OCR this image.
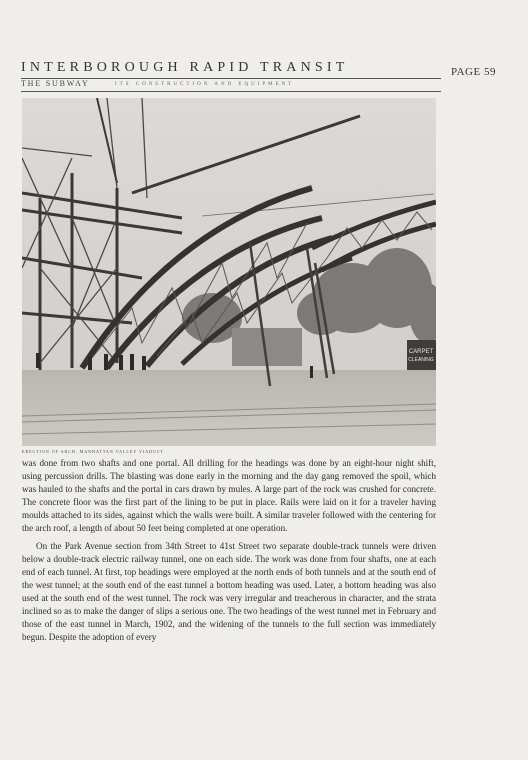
INTERBOROUGH RAPID TRANSIT	PAGE 59
THE SUBWAY	ITS CONSTRUCTION AND EQUIPMENT
CARPET
CLEANING
ERECTION OF ARCH, MANHATTAN VALLEY VIADUCT

was done from two shafts and one portal. All drilling for the headings was done by an eight-hour night shift, using percussion drills. The blasting was done early in the morning and the day gang removed the spoil, which was hauled to the shafts and the portal in cars drawn by mules. A large part of the rock was crushed for concrete. The concrete floor was the first part of the lining to be put in place. Rails were laid on it for a traveler having moulds attached to its sides, against which the walls were built. A similar traveler followed with the centering for the arch roof, a length of about 50 feet being completed at one operation.

On the Park Avenue section from 34th Street to 41st Street two separate double-track tunnels were driven below a double-track electric railway tunnel, one on each side. The work was done from four shafts, one at each end of each tunnel. At first, top headings were employed at the north ends of both tunnels and at the south end of the west tunnel; at the south end of the east tunnel a bottom heading was used. Later, a bottom heading was also used at the south end of the west tunnel. The rock was very irregular and treacherous in character, and the strata inclined so as to make the danger of slips a serious one. The two headings of the west tunnel met in February and those of the east tunnel in March, 1902, and the widening of the tunnels to the full section was immediately begun. Despite the adoption of every
